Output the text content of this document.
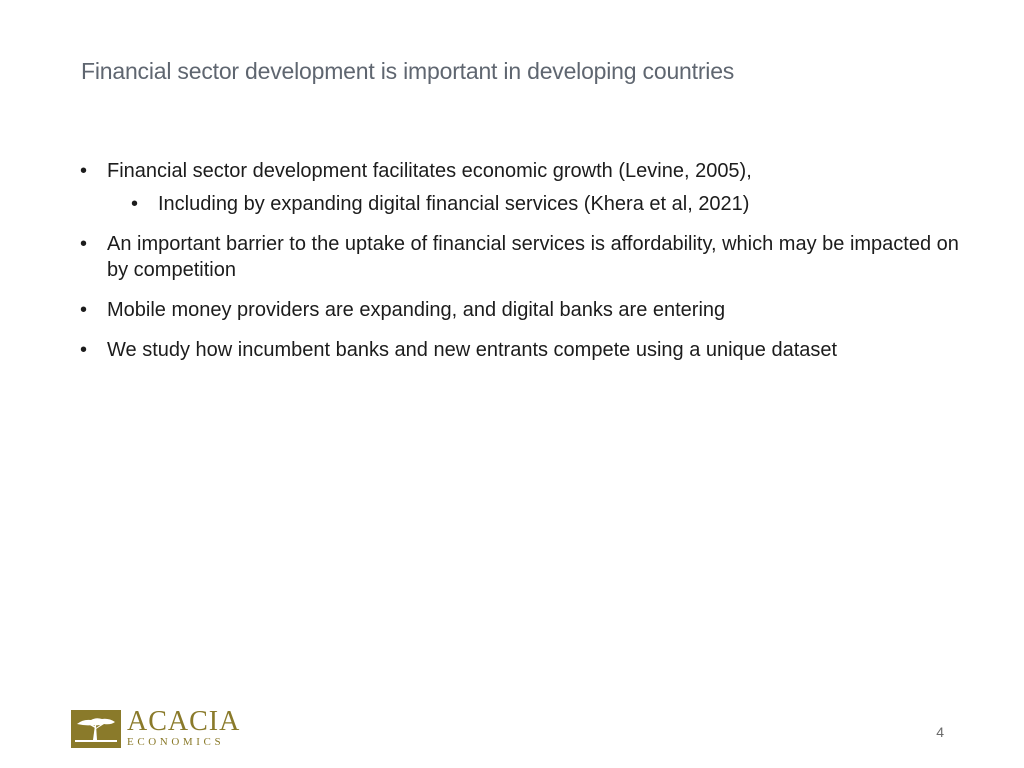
Financial sector development is important in developing countries
• Financial sector development facilitates economic growth (Levine, 2005),
• Including by expanding digital financial services (Khera et al, 2021)
• An important barrier to the uptake of financial services is affordability, which may be impacted on by competition
• Mobile money providers are expanding, and digital banks are entering
• We study how incumbent banks and new entrants compete using a unique dataset
ACACIA
ECONOMICS
4
